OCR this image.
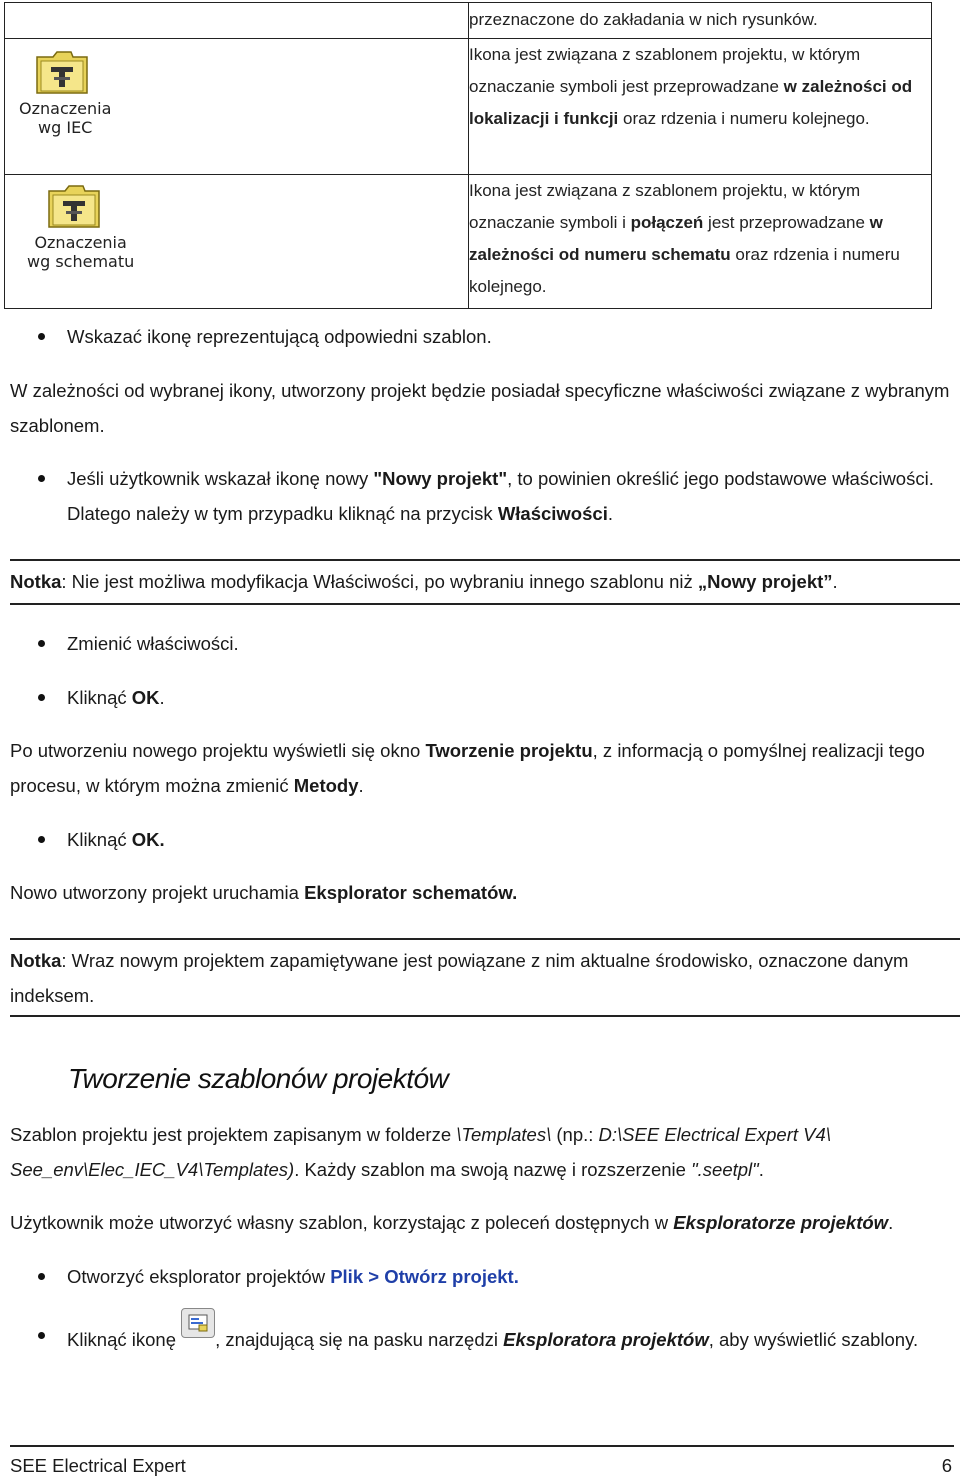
	przeznaczone do zakładania w nich rysunków.

Oznaczenia
wg IEC	Ikona jest związana z szablonem projektu, w którym oznaczanie symboli jest przeprowadzane w zależności od lokalizacji i funkcji oraz rdzenia i numeru kolejnego.

Oznaczenia
wg schematu	Ikona jest związana z szablonem projektu, w którym oznaczanie symboli i połączeń jest przeprowadzane w zależności od numeru schematu oraz rdzenia i numeru kolejnego.
Wskazać ikonę reprezentującą odpowiedni szablon.
W zależności od wybranej ikony, utworzony projekt będzie posiadał specyficzne właściwości związane z wybranym szablonem.
Jeśli użytkownik wskazał ikonę nowy "Nowy projekt", to powinien określić jego podstawowe właściwości. Dlatego należy w tym przypadku kliknąć na przycisk Właściwości.
Notka: Nie jest możliwa modyfikacja Właściwości, po wybraniu innego szablonu niż „Nowy projekt”.
Zmienić właściwości.
Kliknąć OK.
Po utworzeniu nowego projektu wyświetli się okno Tworzenie projektu, z informacją o pomyślnej realizacji tego procesu, w którym można zmienić Metody.
Kliknąć OK.
Nowo utworzony projekt uruchamia Eksplorator schematów.
Notka: Wraz nowym projektem zapamiętywane jest powiązane z nim aktualne środowisko, oznaczone danym indeksem.
Tworzenie szablonów projektów
Szablon projektu jest projektem zapisanym w folderze \Templates\ (np.: D:\SEE Electrical Expert V4\ See_env\Elec_IEC_V4\Templates). Każdy szablon ma swoją nazwę i rozszerzenie ".seetpl".
Użytkownik może utworzyć własny szablon, korzystając z poleceń dostępnych w Eksploratorze projektów.
Otworzyć eksplorator projektów Plik > Otwórz projekt.
Kliknąć ikonę
, znajdującą się na pasku narzędzi Eksploratora projektów, aby wyświetlić szablony.
SEE Electrical Expert	6
